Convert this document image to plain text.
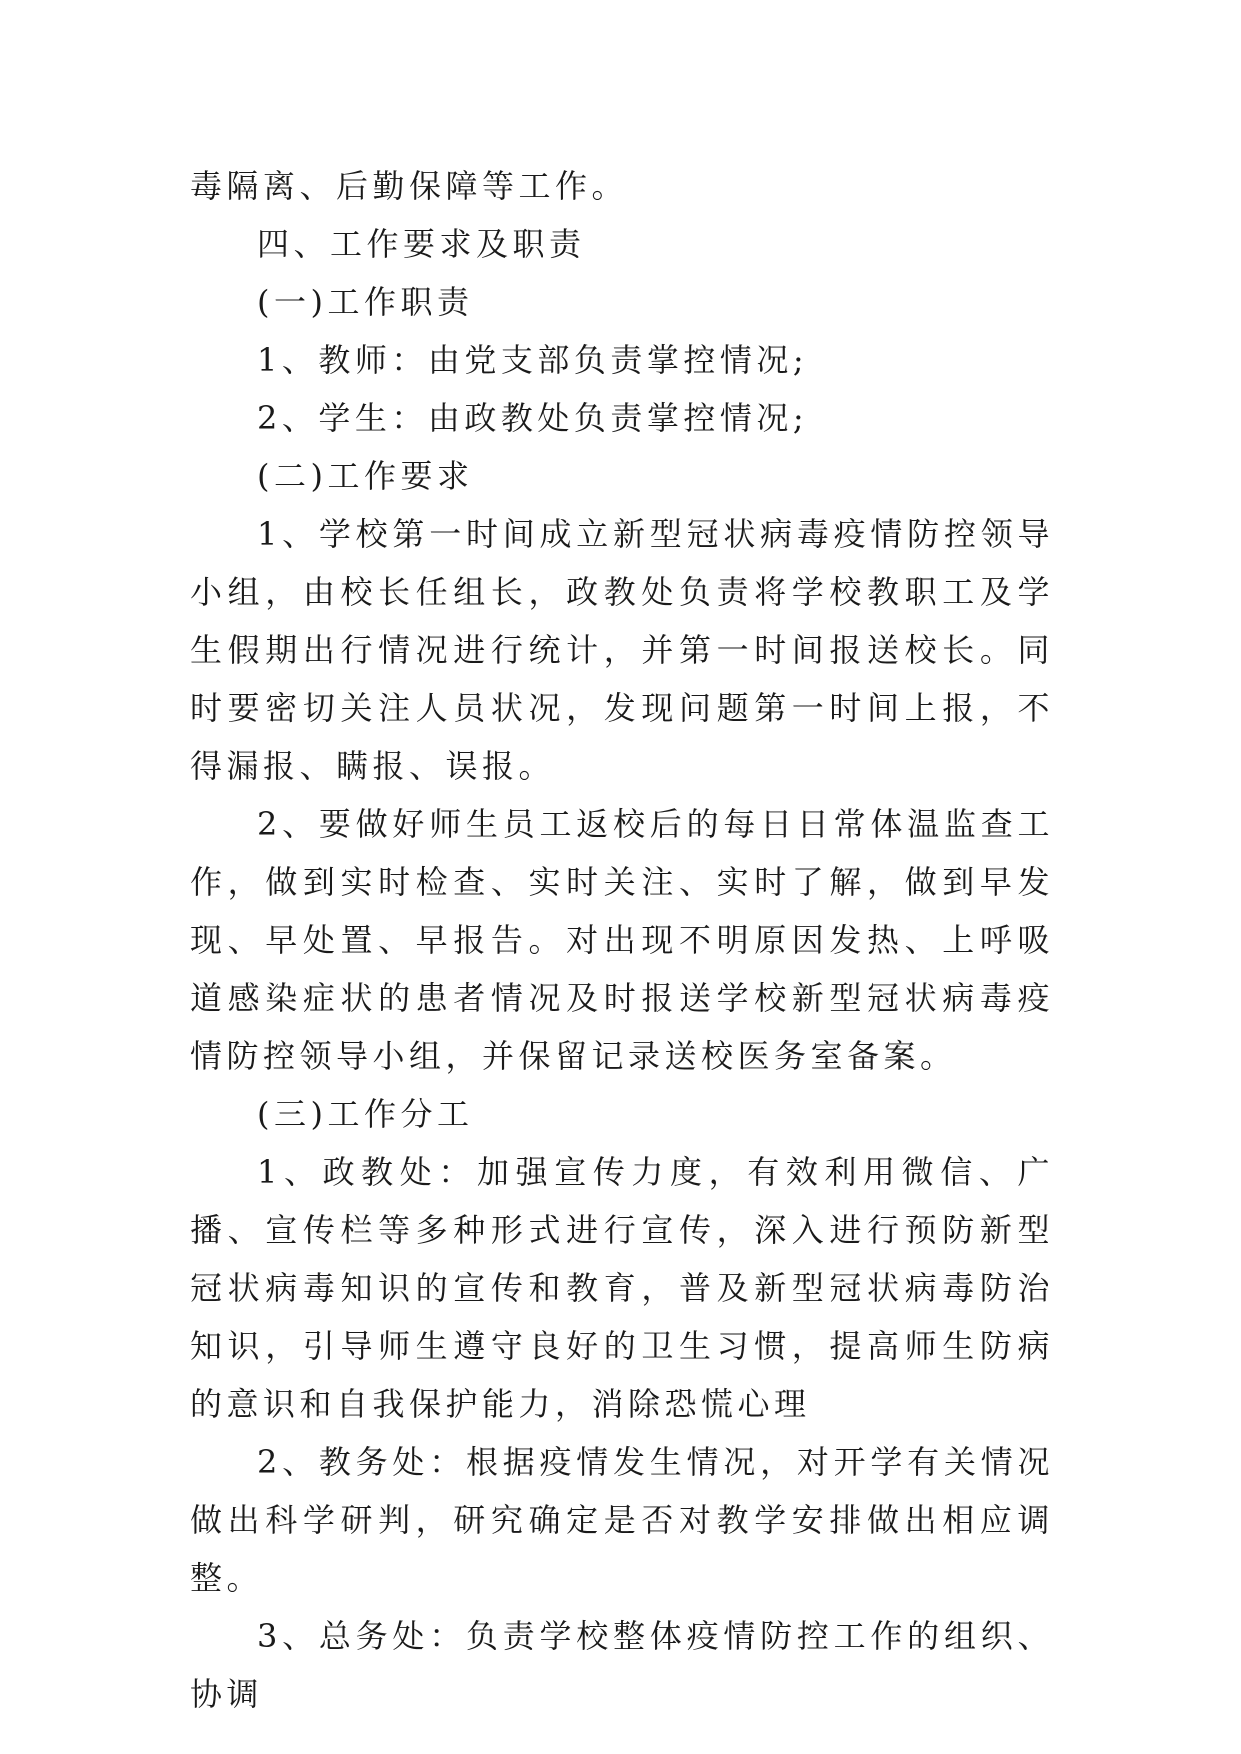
毒隔离、后勤保障等工作。

四、工作要求及职责

(一)工作职责

1、教师：由党支部负责掌控情况;

2、学生：由政教处负责掌控情况;

(二)工作要求

1、学校第一时间成立新型冠状病毒疫情防控领导小组，由校长任组长，政教处负责将学校教职工及学生假期出行情况进行统计，并第一时间报送校长。同时要密切关注人员状况，发现问题第一时间上报，不得漏报、瞒报、误报。

2、要做好师生员工返校后的每日日常体温监查工作，做到实时检查、实时关注、实时了解，做到早发现、早处置、早报告。对出现不明原因发热、上呼吸道感染症状的患者情况及时报送学校新型冠状病毒疫情防控领导小组，并保留记录送校医务室备案。

(三)工作分工

1、政教处：加强宣传力度，有效利用微信、广播、宣传栏等多种形式进行宣传，深入进行预防新型冠状病毒知识的宣传和教育，普及新型冠状病毒防治知识，引导师生遵守良好的卫生习惯，提高师生防病的意识和自我保护能力，消除恐慌心理

2、教务处：根据疫情发生情况，对开学有关情况做出科学研判，研究确定是否对教学安排做出相应调整。

3、总务处：负责学校整体疫情防控工作的组织、协调
